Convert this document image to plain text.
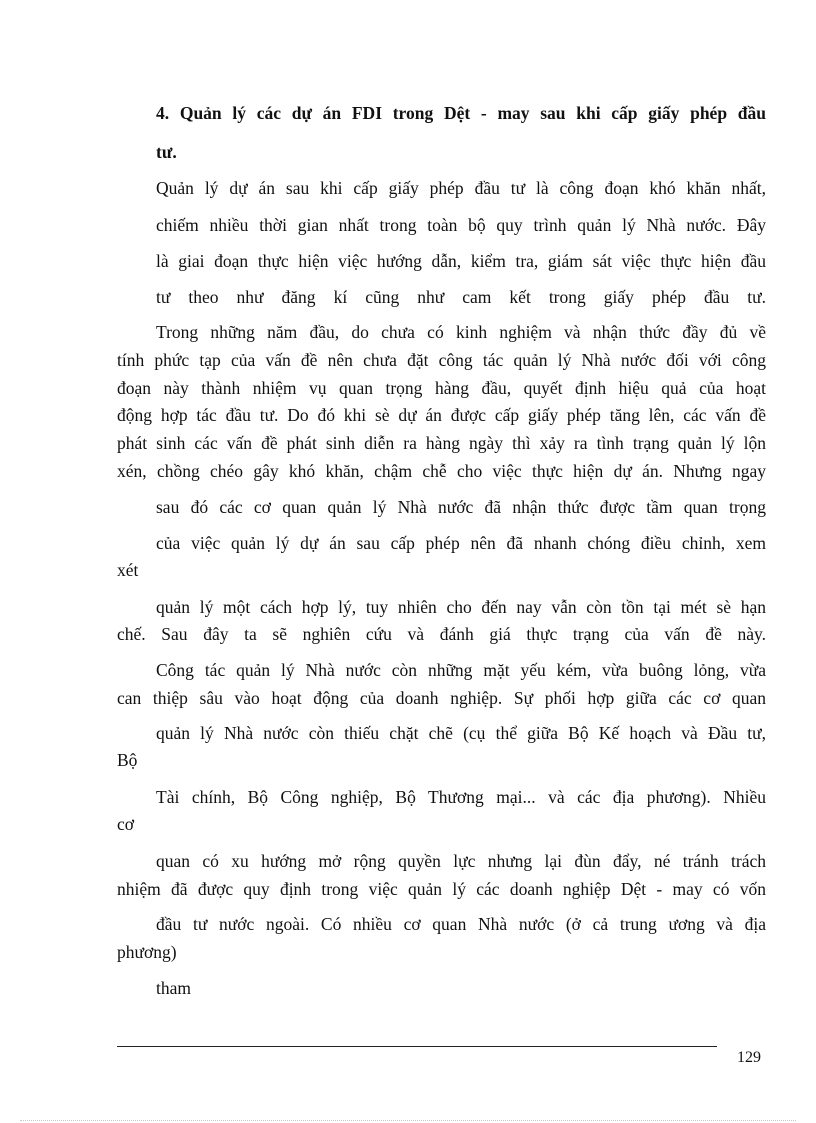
4. Quản lý các dự án FDI trong Dệt - may sau khi cấp giấy phép đầu
tư.
Quản lý dự án sau khi cấp giấy phép đầu tư là công đoạn khó khăn nhất,
chiếm nhiều thời gian nhất trong toàn bộ quy trình quản lý Nhà nước. Đây
là giai đoạn thực hiện việc hướng dẫn, kiểm tra, giám sát việc thực hiện đầu
tư theo như đăng kí cũng như cam kết trong giấy phép đầu tư.
Trong những năm đầu, do chưa có kinh nghiệm và nhận thức đầy đủ về
tính phức tạp của vấn đề nên chưa đặt công tác quản lý Nhà nước đối với công
đoạn này thành nhiệm vụ quan trọng hàng đầu, quyết định hiệu quả của hoạt
động hợp tác đầu tư. Do đó khi sè dự án được cấp giấy phép tăng lên, các vấn đề
phát sinh các vấn đề phát sinh diễn ra hàng ngày thì xảy ra tình trạng quản lý lộn
xén, chồng chéo gây khó khăn, chậm chễ cho việc thực hiện dự án. Nhưng ngay
sau đó các cơ quan quản lý Nhà nước đã nhận thức được tầm quan trọng
của việc quản lý dự án sau cấp phép nên đã nhanh chóng điều chỉnh, xem
xét
quản lý một cách hợp lý, tuy nhiên cho đến nay vẫn còn tồn tại mét sè hạn
chế. Sau đây ta sẽ nghiên cứu và đánh giá thực trạng của vấn đề này.
Công tác quản lý Nhà nước còn những mặt yếu kém, vừa buông lỏng, vừa
can thiệp sâu vào hoạt động của doanh nghiệp. Sự phối hợp giữa các cơ quan
quản lý Nhà nước còn thiếu chặt chẽ (cụ thể giữa Bộ Kế hoạch và Đầu tư,
Bộ
Tài chính, Bộ Công nghiệp, Bộ Thương mại... và các địa phương). Nhiều
cơ
quan có xu hướng mở rộng quyền lực nhưng lại đùn đẩy, né tránh trách
nhiệm đã được quy định trong việc quản lý các doanh nghiệp Dệt - may có vốn
đầu tư nước ngoài. Có nhiều cơ quan Nhà nước (ở cả trung ương và địa
phương)
tham
129
